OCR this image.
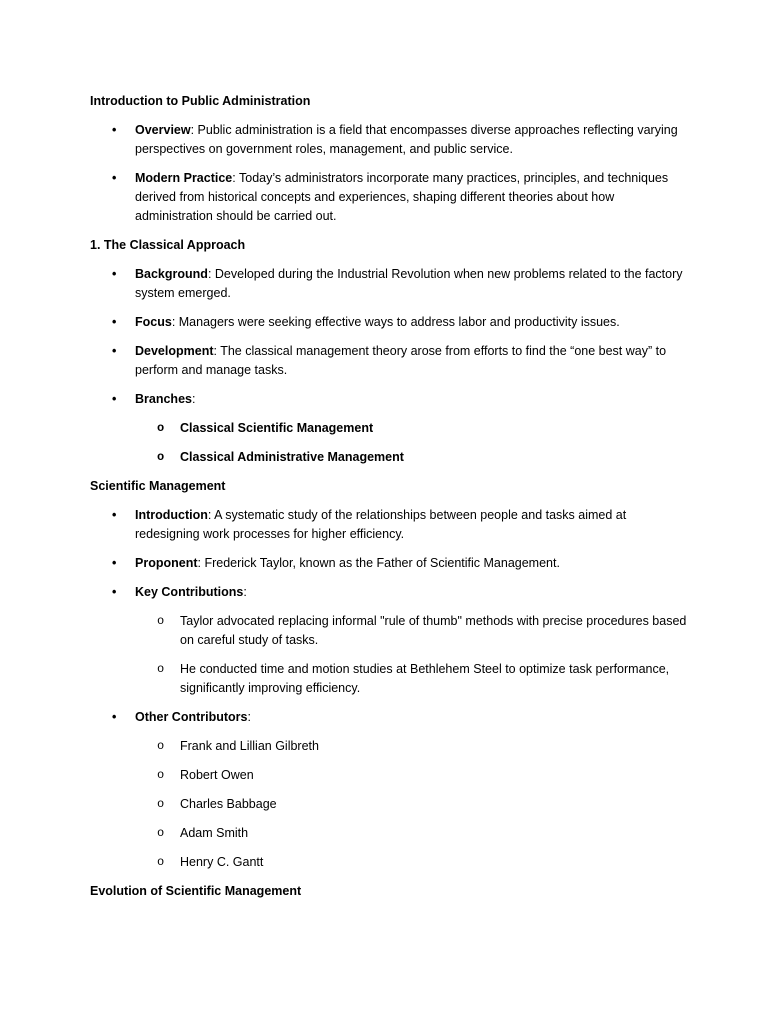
Introduction to Public Administration

• Overview: Public administration is a field that encompasses diverse approaches reflecting varying perspectives on government roles, management, and public service.
• Modern Practice: Today’s administrators incorporate many practices, principles, and techniques derived from historical concepts and experiences, shaping different theories about how administration should be carried out.

1. The Classical Approach

• Background: Developed during the Industrial Revolution when new problems related to the factory system emerged.
• Focus: Managers were seeking effective ways to address labor and productivity issues.
• Development: The classical management theory arose from efforts to find the “one best way” to perform and manage tasks.
• Branches:
o Classical Scientific Management
o Classical Administrative Management

Scientific Management

• Introduction: A systematic study of the relationships between people and tasks aimed at redesigning work processes for higher efficiency.
• Proponent: Frederick Taylor, known as the Father of Scientific Management.
• Key Contributions:
o Taylor advocated replacing informal "rule of thumb" methods with precise procedures based on careful study of tasks.
o He conducted time and motion studies at Bethlehem Steel to optimize task performance, significantly improving efficiency.
• Other Contributors:
o Frank and Lillian Gilbreth
o Robert Owen
o Charles Babbage
o Adam Smith
o Henry C. Gantt

Evolution of Scientific Management
